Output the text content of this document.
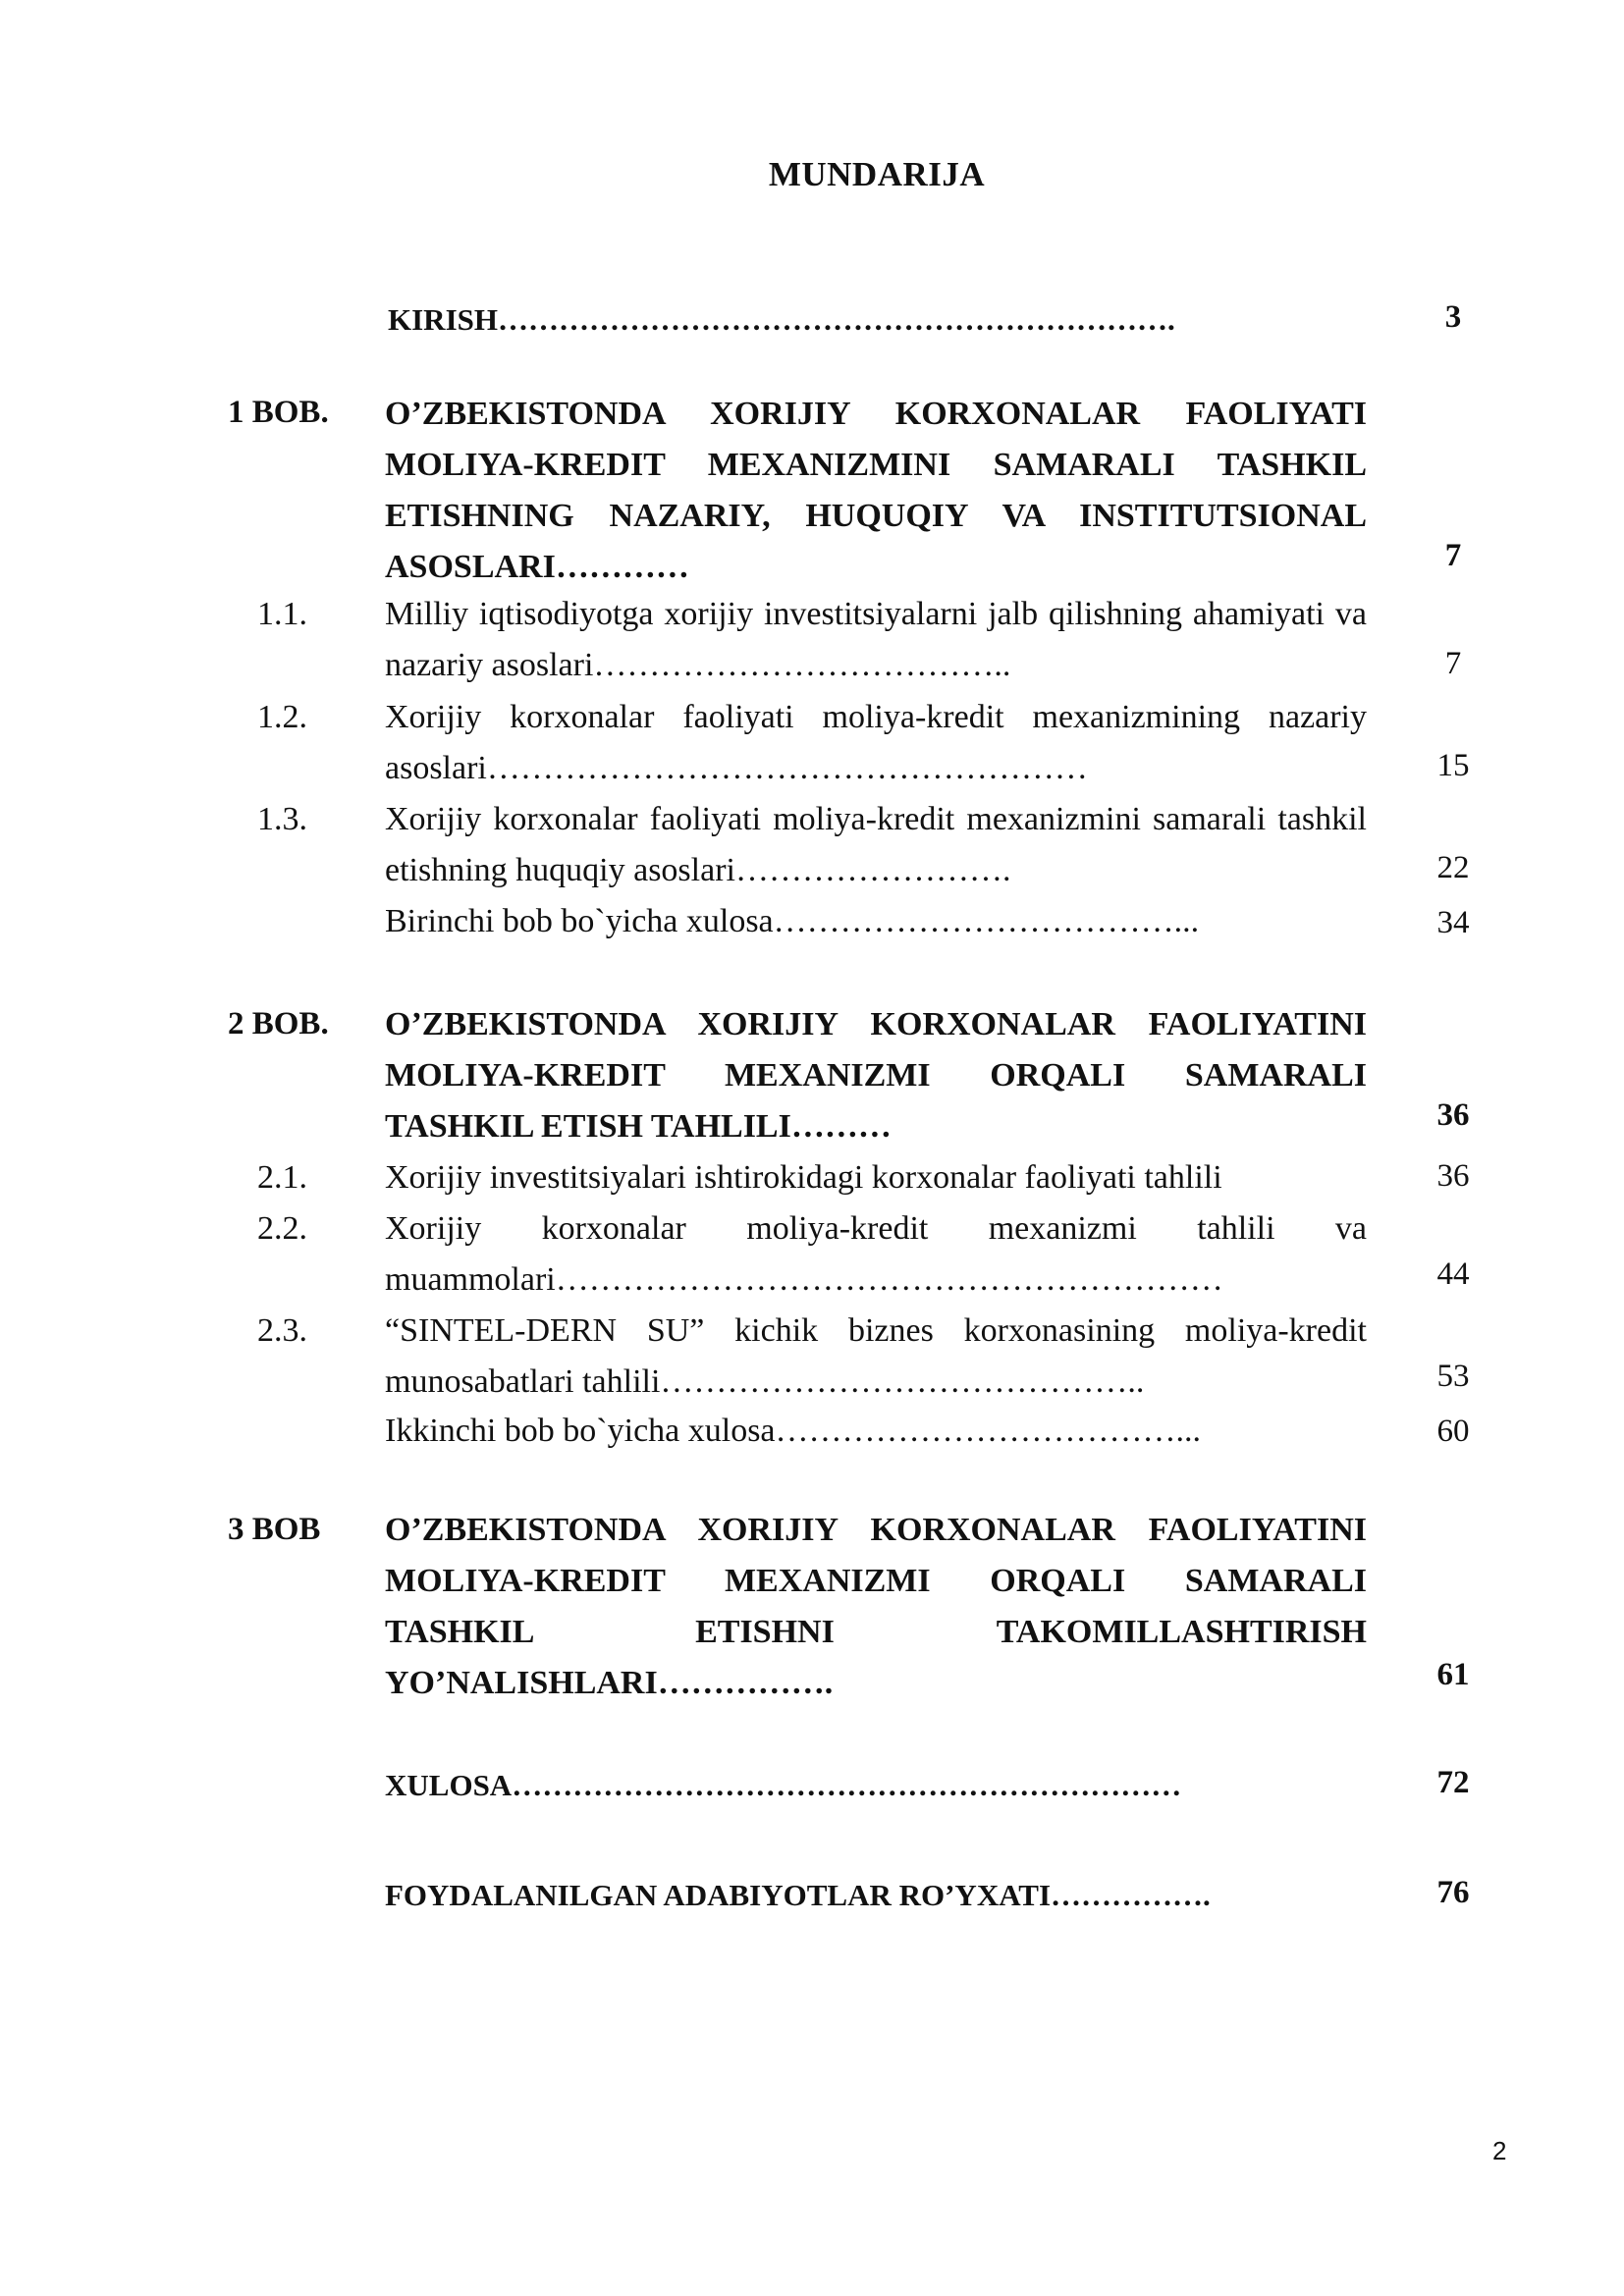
MUNDARIJA
KIRISH………………………………………………………….	3
1 BOB.	O’ZBEKISTONDA XORIJIY KORXONALAR FAOLIYATI MOLIYA-KREDIT MEXANIZMINI SAMARALI TASHKIL ETISHNING NAZARIY, HUQUQIY VA INSTITUTSIONAL ASOSLARI…………	7
1.1.	Milliy iqtisodiyotga xorijiy investitsiyalarni jalb qilishning ahamiyati va nazariy asoslari………………………………..	7
1.2.	Xorijiy korxonalar faoliyati moliya-kredit mexanizmining nazariy asoslari………………………………………………	15
1.3.	Xorijiy korxonalar faoliyati moliya-kredit mexanizmini samarali tashkil etishning huquqiy asoslari…………………….	22
Birinchi bob bo`yicha xulosa………………………………...	34
2 BOB.	O’ZBEKISTONDA XORIJIY KORXONALAR FAOLIYATINI MOLIYA-KREDIT MEXANIZMI ORQALI SAMARALI TASHKIL ETISH TAHLILI………	36
2.1.	Xorijiy investitsiyalari ishtirokidagi korxonalar faoliyati tahlili	36
2.2.	Xorijiy korxonalar moliya-kredit mexanizmi tahlili va muammolari……………………………………………………	44
2.3.	“SINTEL-DERN SU” kichik biznes korxonasining moliya-kredit munosabatlari tahlili……………………………………..	53
Ikkinchi bob bo`yicha xulosa………………………………...	60
3 BOB	O’ZBEKISTONDA XORIJIY KORXONALAR FAOLIYATINI MOLIYA-KREDIT MEXANIZMI ORQALI SAMARALI TASHKIL ETISHNI TAKOMILLASHTIRISH YO’NALISHLARI…………….	61
XULOSA…………………………………………………………	72
FOYDALANILGAN ADABIYOTLAR RO’YXATI…………….	76
2
